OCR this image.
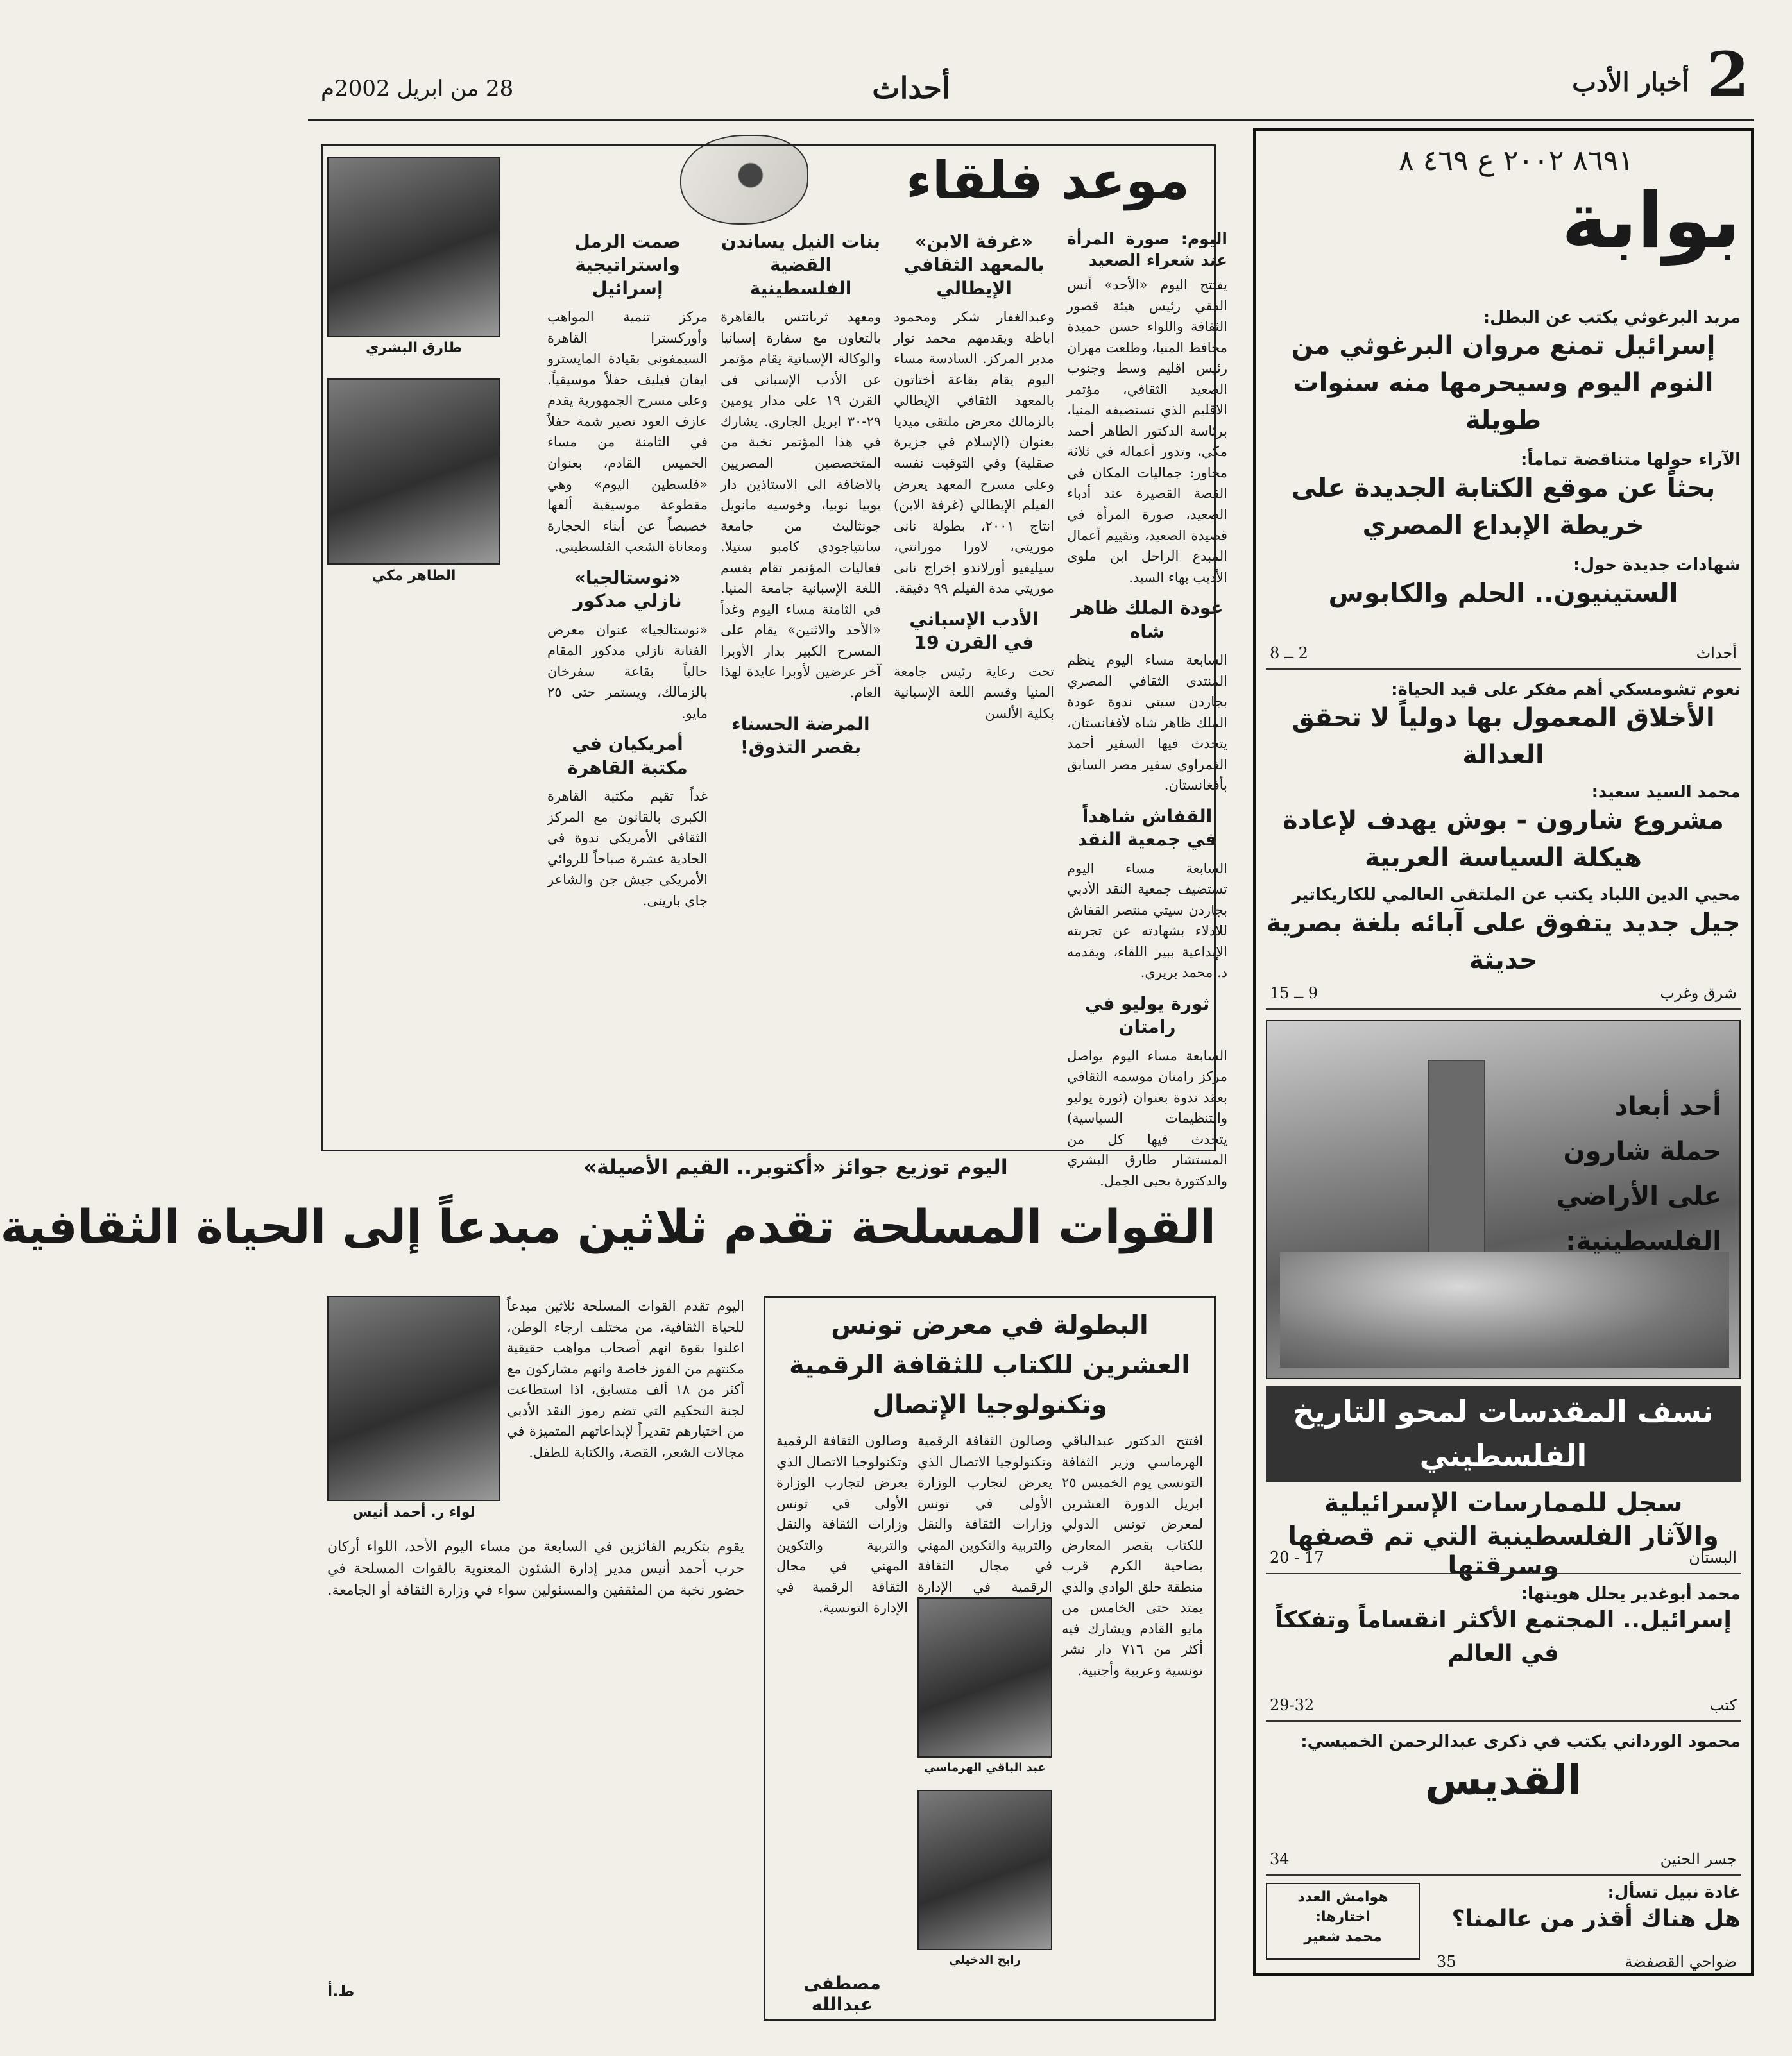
2
أخبار الأدب
أحداث
28 من ابريل 2002م
٨٦٩١ ٢٠٠٢ ع ٤٦٩ ٨
بوابة
مريد البرغوثي يكتب عن البطل:
إسرائيل تمنع مروان البرغوثي من النوم اليوم وسيحرمها منه سنوات طويلة
الآراء حولها متناقضة تماماً:
بحثاً عن موقع الكتابة الجديدة على خريطة الإبداع المصري
شهادات جديدة حول:
الستينيون.. الحلم والكابوس
أحداث
2 ــ 8
نعوم تشومسكي أهم مفكر على قيد الحياة:
الأخلاق المعمول بها دولياً لا تحقق العدالة
محمد السيد سعيد:
مشروع شارون - بوش يهدف لإعادة هيكلة السياسة العربية
محيي الدين اللباد يكتب عن الملتقى العالمي للكاريكاتير
جيل جديد يتفوق على آبائه بلغة بصرية حديثة
شرق وغرب
9 ــ 15
أحد أبعاد
حملة شارون
على الأراضي
الفلسطينية:
نسف المقدسات لمحو التاريخ الفلسطيني
سجل للممارسات الإسرائيلية
والآثار الفلسطينية التي تم قصفها وسرقتها	البستان
17 - 20
محمد أبوغدير يحلل هويتها:
إسرائيل.. المجتمع الأكثر انقساماً وتفككاً في العالم
كتب
29-32
محمود الورداني يكتب في ذكرى عبدالرحمن الخميسي:
القديس
جسر الحنين
34
غادة نبيل تسأل:
هل هناك أقذر من عالمنا؟
هوامش العدد
اختارها:
محمد شعير
ضواحي القصفضة
35
موعد فلقاء
اليوم: صورة المرأة عند شعراء الصعيد

يفتتح اليوم «الأحد» أنس الفقي رئيس هيئة قصور الثقافة واللواء حسن حميدة محافظ المنيا، وطلعت مهران رئيس اقليم وسط وجنوب الصعيد الثقافي، مؤتمر الاقليم الذي تستضيفه المنيا، برئاسة الدكتور الطاهر أحمد مكي، وتدور أعماله في ثلاثة محاور: جماليات المكان في القصة القصيرة عند أدباء الصعيد، صورة المرأة في قصيدة الصعيد، وتقييم أعمال المبدع الراحل ابن ملوى الأديب بهاء السيد.

عودة الملك ظاهر شاه

السابعة مساء اليوم ينظم المنتدى الثقافي المصري بجاردن سيتي ندوة عودة الملك ظاهر شاه لأفغانستان، يتحدث فيها السفير أحمد الغمراوي سفير مصر السابق بأفغانستان.

القفاش شاهداً في جمعية النقد

السابعة مساء اليوم تستضيف جمعية النقد الأدبي بجاردن سيتي منتصر القفاش للادلاء بشهادته عن تجربته الإبداعية ببير اللقاء، ويقدمه د. محمد بريري.

ثورة يوليو في رامتان

السابعة مساء اليوم يواصل مركز رامتان موسمه الثقافي بعقد ندوة بعنوان (ثورة يوليو والتنظيمات السياسية) يتحدث فيها كل من المستشار طارق البشري والدكتورة يحيى الجمل.

«غرفة الابن» بالمعهد الثقافي الإيطالي

وعبدالغفار شكر ومحمود اباظة ويقدمهم محمد نوار مدير المركز. السادسة مساء اليوم يقام بقاعة أختاتون بالمعهد الثقافي الإيطالي بالزمالك معرض ملتقى ميديا بعنوان (الإسلام في جزيرة صقلية) وفي التوقيت نفسه وعلى مسرح المعهد يعرض الفيلم الإيطالي (غرفة الابن) انتاج ٢٠٠١، بطولة نانى موريتي، لاورا مورانتي، سيليفيو أورلاندو إخراج نانى موريتي مدة الفيلم ٩٩ دقيقة.

الأدب الإسباني في القرن 19

تحت رعاية رئيس جامعة المنيا وقسم اللغة الإسبانية بكلية الألسن

بنات النيل يساندن القضية الفلسطينية

ومعهد ثربانتس بالقاهرة بالتعاون مع سفارة إسبانيا والوكالة الإسبانية يقام مؤتمر عن الأدب الإسباني في القرن ١٩ على مدار يومين ٢٩-٣٠ ابريل الجاري. يشارك في هذا المؤتمر نخبة من المتخصصين المصريين بالاضافة الى الاستاذين دار يوبيا نوبيا، وخوسيه مانويل جونثاليث من جامعة سانتياجودي كامبو ستيلا. فعاليات المؤتمر تقام بقسم اللغة الإسبانية جامعة المنيا. في الثامنة مساء اليوم وغداً «الأحد والاثنين» يقام على المسرح الكبير بدار الأوبرا آخر عرضين لأوبرا عايدة لهذا العام.

المرضة الحسناء بقصر التذوق!
صمت الرمل واستراتيجية إسرائيل

مركز تنمية المواهب وأوركسترا القاهرة السيمفوني بقيادة المايسترو ايفان فيليف حفلاً موسيقياً. وعلى مسرح الجمهورية يقدم عازف العود نصير شمة حفلاً في الثامنة من مساء الخميس القادم، بعنوان «فلسطين اليوم» وهي مقطوعة موسيقية ألفها خصيصاً عن أبناء الحجارة ومعاناة الشعب الفلسطيني.

«نوستالجيا» نازلي مدكور

«نوستالجيا» عنوان معرض الفنانة نازلي مدكور المقام حالياً بقاعة سفرخان بالزمالك، ويستمر حتى ٢٥ مايو.

أمريكيان في مكتبة القاهرة

غداً تقيم مكتبة القاهرة الكبرى بالقانون مع المركز الثقافي الأمريكي ندوة في الحادية عشرة صباحاً للروائي الأمريكي جيش جن والشاعر جاي بارينى.

طارق البشري
الطاهر مكي
اليوم توزيع جوائز «أكتوبر.. القيم الأصيلة»
القوات المسلحة تقدم ثلاثين مبدعاً إلى الحياة الثقافية
لواء ر. أحمد أنيس

اليوم تقدم القوات المسلحة ثلاثين مبدعاً للحياة الثقافية، من مختلف ارجاء الوطن، اعلنوا بقوة انهم أصحاب مواهب حقيقية مكنتهم من الفوز خاصة وانهم مشاركون مع أكثر من ١٨ ألف متسابق، اذا استطاعت لجنة التحكيم التي تضم رموز النقد الأدبي من اختيارهم تقديراً لإبداعاتهم المتميزة في مجالات الشعر، القصة، والكتابة للطفل.

يقوم بتكريم الفائزين في السابعة من مساء اليوم الأحد، اللواء أركان حرب أحمد أنيس مدير إدارة الشئون المعنوية بالقوات المسلحة في حضور نخبة من المثقفين والمسئولين سواء في وزارة الثقافة أو الجامعة.

ط.أ
البطولة في معرض تونس العشرين للكتاب للثقافة الرقمية وتكنولوجيا الإتصال

افتتح الدكتور عبدالباقي الهرماسي وزير الثقافة التونسي يوم الخميس ٢٥ ابريل الدورة العشرين لمعرض تونس الدولي للكتاب بقصر المعارض بضاحية الكرم قرب منطقة حلق الوادي والذي يمتد حتى الخامس من مايو القادم ويشارك فيه أكثر من ٧١٦ دار نشر تونسية وعربية وأجنبية.

وصالون الثقافة الرقمية وتكنولوجيا الاتصال الذي يعرض لتجارب الوزارة الأولى في تونس وزارات الثقافة والنقل والتربية والتكوين المهني في مجال الثقافة الرقمية في الإدارة

عبد الباقي الهرماسي
رابح الدخيلي

وصالون الثقافة الرقمية وتكنولوجيا الاتصال الذي يعرض لتجارب الوزارة الأولى في تونس وزارات الثقافة والنقل والتربية والتكوين المهني في مجال الثقافة الرقمية في الإدارة التونسية.

مصطفى عبدالله
